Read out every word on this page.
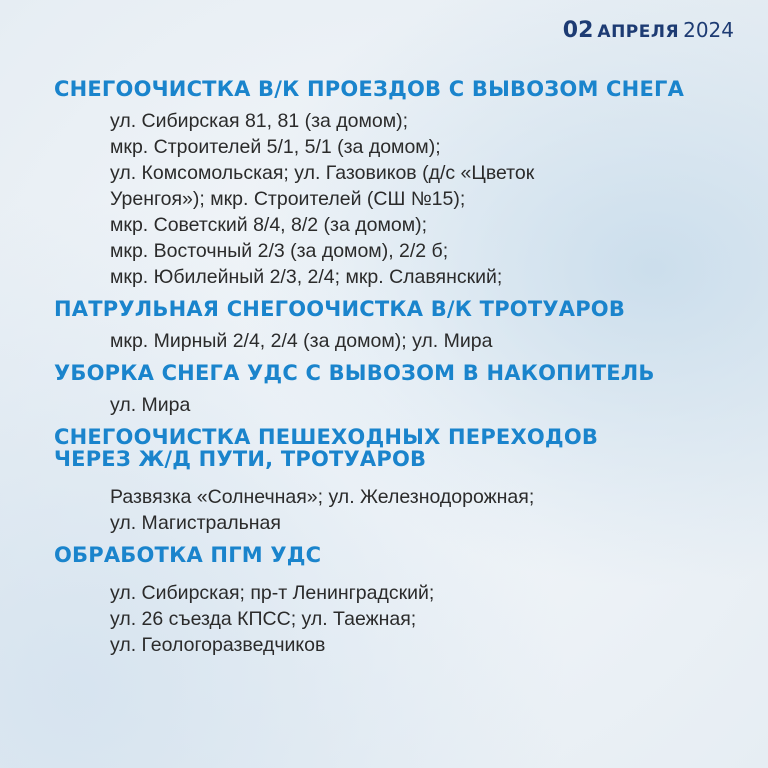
02 АПРЕЛЯ 2024
СНЕГООЧИСТКА В/К ПРОЕЗДОВ С ВЫВОЗОМ СНЕГА
ул. Сибирская 81, 81 (за домом);
мкр. Строителей 5/1, 5/1 (за домом);
ул. Комсомольская; ул. Газовиков (д/с «Цветок
Уренгоя»); мкр. Строителей (СШ №15);
мкр. Советский 8/4, 8/2 (за домом);
мкр. Восточный 2/3 (за домом), 2/2 б;
мкр. Юбилейный 2/3, 2/4; мкр. Славянский;
ПАТРУЛЬНАЯ СНЕГООЧИСТКА В/К ТРОТУАРОВ
мкр. Мирный 2/4, 2/4 (за домом); ул. Мира
УБОРКА СНЕГА УДС С ВЫВОЗОМ В НАКОПИТЕЛЬ
ул. Мира
СНЕГООЧИСТКА ПЕШЕХОДНЫХ ПЕРЕХОДОВ
ЧЕРЕЗ Ж/Д ПУТИ, ТРОТУАРОВ
Развязка «Солнечная»; ул. Железнодорожная;
ул. Магистральная
ОБРАБОТКА ПГМ УДС
ул. Сибирская; пр-т Ленинградский;
ул. 26 съезда КПСС; ул. Таежная;
ул. Геологоразведчиков
